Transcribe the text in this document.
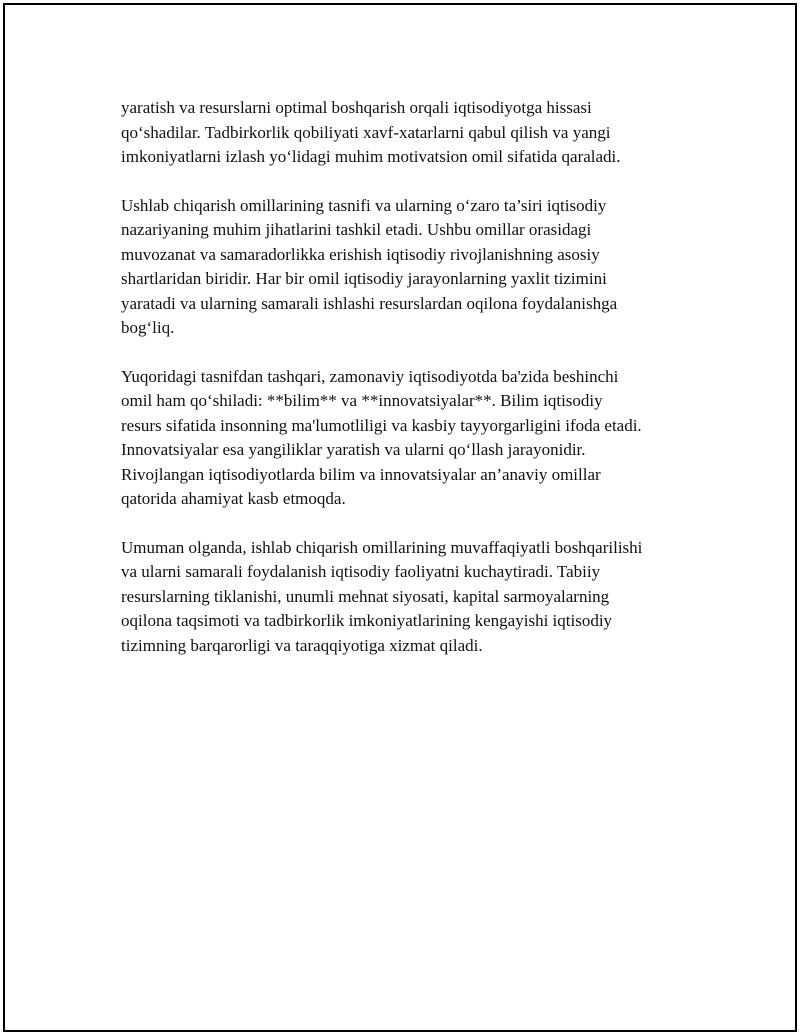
yaratish va resurslarni optimal boshqarish orqali iqtisodiyotga hissasi
qo‘shadilar. Tadbirkorlik qobiliyati xavf-xatarlarni qabul qilish va yangi
imkoniyatlarni izlash yo‘lidagi muhim motivatsion omil sifatida qaraladi.

Ushlab chiqarish omillarining tasnifi va ularning o‘zaro ta’siri iqtisodiy
nazariyaning muhim jihatlarini tashkil etadi. Ushbu omillar orasidagi
muvozanat va samaradorlikka erishish iqtisodiy rivojlanishning asosiy
shartlaridan biridir. Har bir omil iqtisodiy jarayonlarning yaxlit tizimini
yaratadi va ularning samarali ishlashi resurslardan oqilona foydalanishga
bog‘liq.

Yuqoridagi tasnifdan tashqari, zamonaviy iqtisodiyotda ba'zida beshinchi
omil ham qo‘shiladi: **bilim** va **innovatsiyalar**. Bilim iqtisodiy
resurs sifatida insonning ma'lumotliligi va kasbiy tayyorgarligini ifoda etadi.
Innovatsiyalar esa yangiliklar yaratish va ularni qo‘llash jarayonidir.
Rivojlangan iqtisodiyotlarda bilim va innovatsiyalar an’anaviy omillar
qatorida ahamiyat kasb etmoqda.

Umuman olganda, ishlab chiqarish omillarining muvaffaqiyatli boshqarilishi
va ularni samarali foydalanish iqtisodiy faoliyatni kuchaytiradi. Tabiiy
resurslarning tiklanishi, unumli mehnat siyosati, kapital sarmoyalarning
oqilona taqsimoti va tadbirkorlik imkoniyatlarining kengayishi iqtisodiy
tizimning barqarorligi va taraqqiyotiga xizmat qiladi.
